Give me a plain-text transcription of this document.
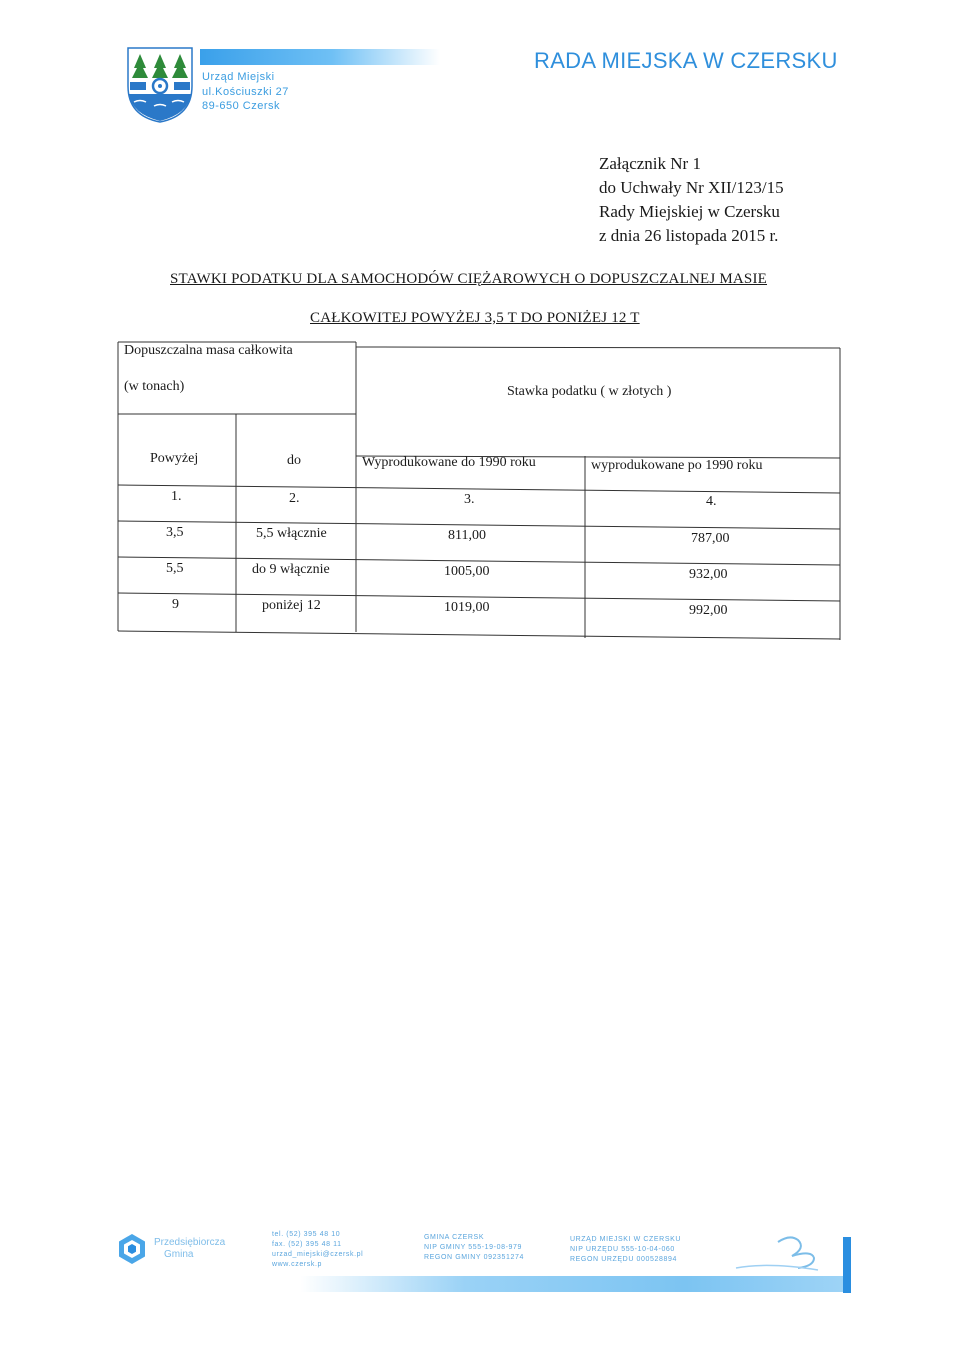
Urząd Miejski
ul.Kościuszki 27
89-650 Czersk
RADA MIEJSKA W CZERSKU
Załącznik Nr 1
do Uchwały Nr XII/123/15
Rady Miejskiej w Czersku
z dnia 26 listopada 2015 r.
STAWKI PODATKU DLA SAMOCHODÓW CIĘŻAROWYCH O DOPUSZCZALNEJ MASIE
CAŁKOWITEJ POWYŻEJ 3,5 T DO PONIŻEJ 12 T
Dopuszczalna masa całkowita
(w tonach)	Stawka podatku ( w złotych )
Powyżej	do	Wyprodukowane do 1990 roku	wyprodukowane po 1990 roku
1.	2.	3.	4.
3,5	5,5 włącznie	811,00	787,00
5,5	do 9 włącznie	1005,00	932,00
9	poniżej 12	1019,00	992,00
Przedsiębiorcza
Gmina
tel. (52) 395 48 10
fax. (52) 395 48 11
urzad_miejski@czersk.pl
www.czersk.p
GMINA CZERSK
NIP GMINY 555-19-08-979
REGON GMINY 092351274
URZĄD MIEJSKI W CZERSKU
NIP URZĘDU 555-10-04-060
REGON URZĘDU 000528894
